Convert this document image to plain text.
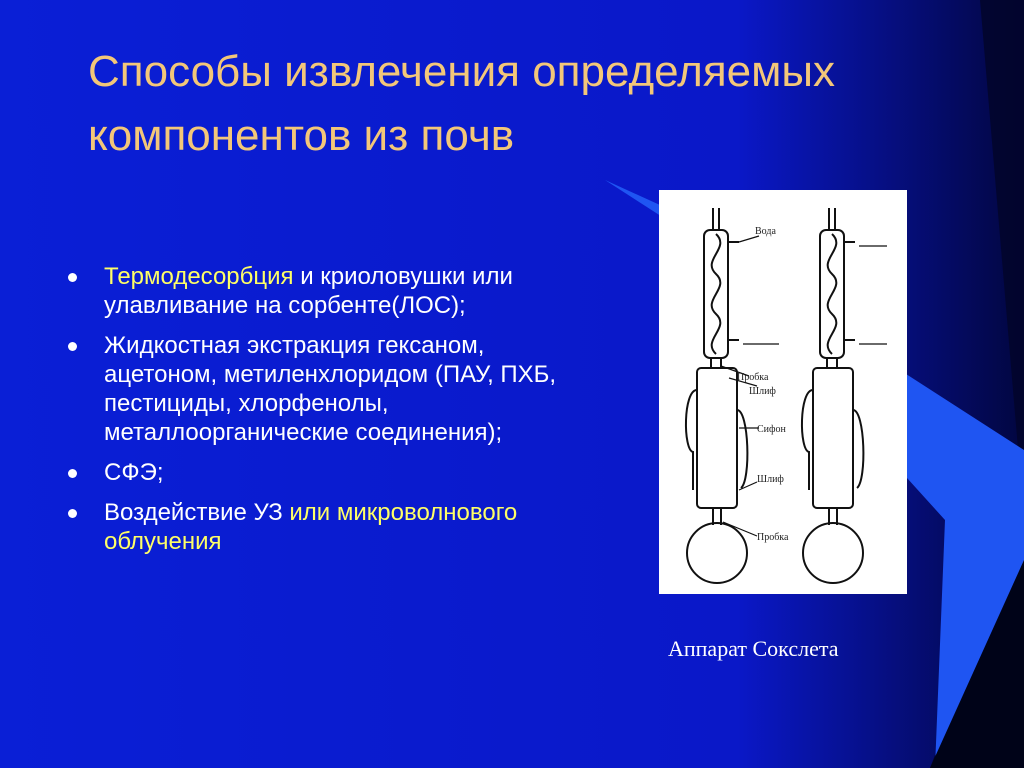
Способы извлечения определяемых компонентов из почв
Термодесорбция и криоловушки или улавливание на сорбенте(ЛОС);
Жидкостная экстракция гексаном, ацетоном, метиленхлоридом (ПАУ, ПХБ, пестициды, хлорфенолы, металлоорганические соединения);
СФЭ;
Воздействие УЗ или микроволнового облучения
Вода
Пробка
Шлиф
Сифон
Шлиф
Пробка
Аппарат Сокслета
